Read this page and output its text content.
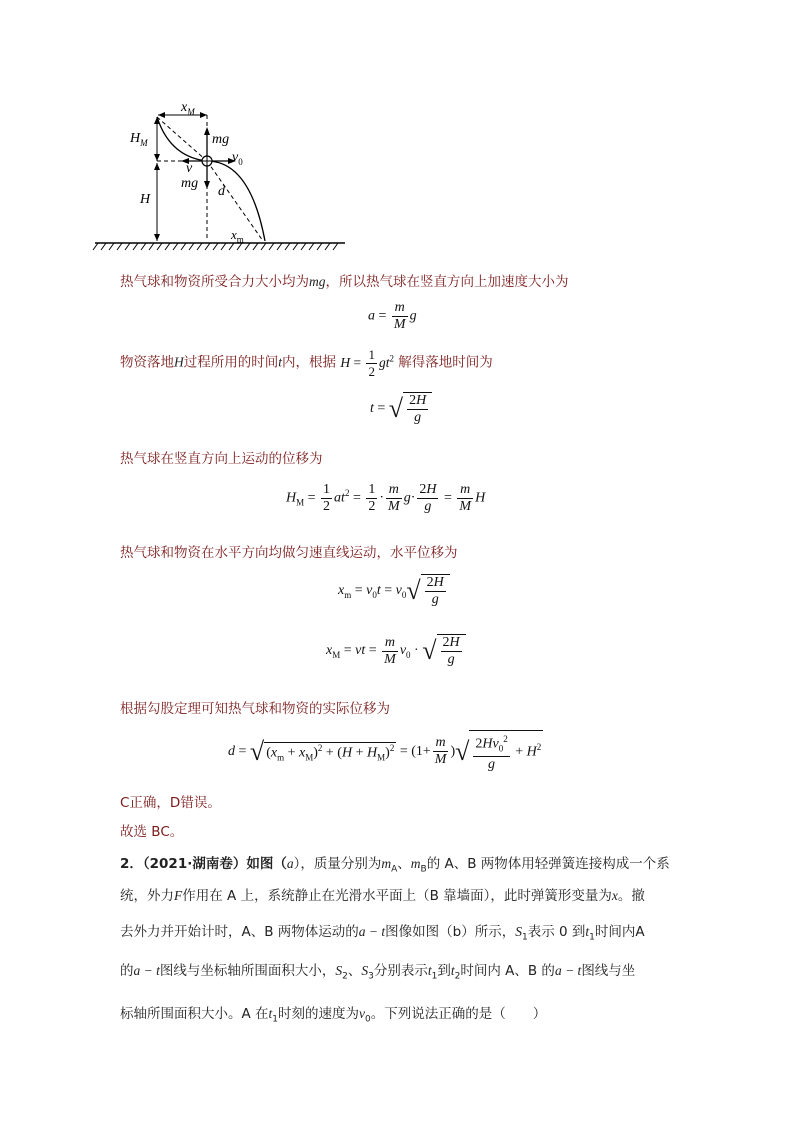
$x_M$
$H_M$	mg
$v_0$
v
mg
d
H
$x_m$
热气球和物资所受合力大小均为mg，所以热气球在竖直方向上加速度大小为
$a = \frac{m}{M}$ g
物资落地H过程所用的时间t内，根据 $H = \frac{1}{2} gt^2$ 解得落地时间为
t = √ $\frac{2H}{g}$
热气球在竖直方向上运动的位移为
$H_M = \frac{1}{2} at^2 = \frac{1}{2} \cdot \frac{m}{M} g\cdot \frac{2H}{g} = \frac{m}{M}$ H
热气球和物资在水平方向均做匀速直线运动，水平位移为
$x_m = v_0t = v_0√ \frac{2H}{g}$
$x_M$ = vt = $\frac{m}{M} v_0$ · √ $\frac{2H}{g}$
根据勾股定理可知热气球和物资的实际位移为
d = √ $(x_m + x_M)^2 + (H + H_M)^2 = (1+ \frac{m}{M}$ )√ $\frac{2Hv_0^2}{g} + H^2$
C正确，D错误。
故选 BC。
2．（2021·湖南卷）如图（a），质量分别为$m_A$、$m_B$的 A、B 两物体用轻弹簧连接构成一个系
统，外力F作用在 A 上，系统静止在光滑水平面上（B 靠墙面），此时弹簧形变量为x。撤
去外力并开始计时，A、B 两物体运动的a − t图像如图（b）所示，$S_1$表示 0 到$t_1$时间内A
的a − t图线与坐标轴所围面积大小，$S_2$、$S_3$分别表示$t_1$到$t_2$时间内 A、B 的a − t图线与坐
标轴所围面积大小。A 在$t_1$时刻的速度为$v_0$。下列说法正确的是（　　）
